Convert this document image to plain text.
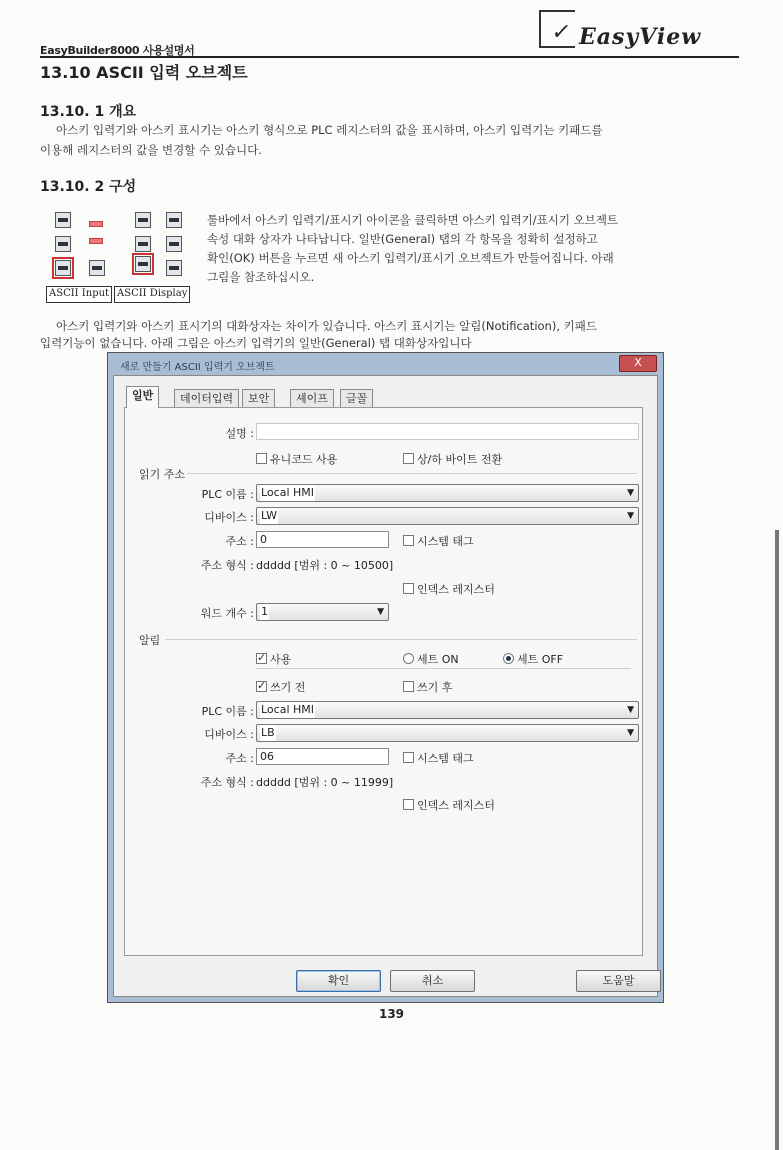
EasyBuilder8000 사용설명서
✓ EasyView
13.10 ASCII 입력 오브젝트
13.10. 1 개요
아스키 입력기와 아스키 표시기는 아스키 형식으로 PLC 레지스터의 값을 표시하며, 아스키 입력기는 키패드를
이용해 레지스터의 값을 변경할 수 있습니다.
13.10. 2 구성
ASCII Input ASCII Display
툴바에서 아스키 입력기/표시기 아이콘을 클릭하면 아스키 입력기/표시기 오브젝트
속성 대화 상자가 나타납니다. 일반(General) 탭의 각 항목을 정확히 설정하고
확인(OK) 버튼을 누르면 새 아스키 입력기/표시기 오브젝트가 만들어집니다. 아래
그림을 참조하십시오.
아스키 입력기와 아스키 표시기의 대화상자는 차이가 있습니다. 아스키 표시기는 알림(Notification), 키패드
입력기능이 없습니다. 아래 그림은 아스키 입력기의 일반(General) 탭 대화상자입니다
새로 만들기 ASCII 입력기 오브젝트	X
일반	데이터입력	보안	셰이프	글꼴
설명 :
유니코드 사용	상/하 바이트 전환
읽기 주소
PLC 이름 : Local HMI	▼
디바이스 : LW	▼
주소 : 0	시스템 태그
주소 형식 : ddddd [범위 : 0 ~ 10500]
인덱스 레지스터
워드 개수 : 1	▼
알림
✓사용	세트 ON	세트 OFF
✓쓰기 전	쓰기 후
PLC 이름 : Local HMI	▼
디바이스 : LB	▼
주소 : 06	시스템 태그
주소 형식 : ddddd [범위 : 0 ~ 11999]
인덱스 레지스터
확인	취소	도움말
139
